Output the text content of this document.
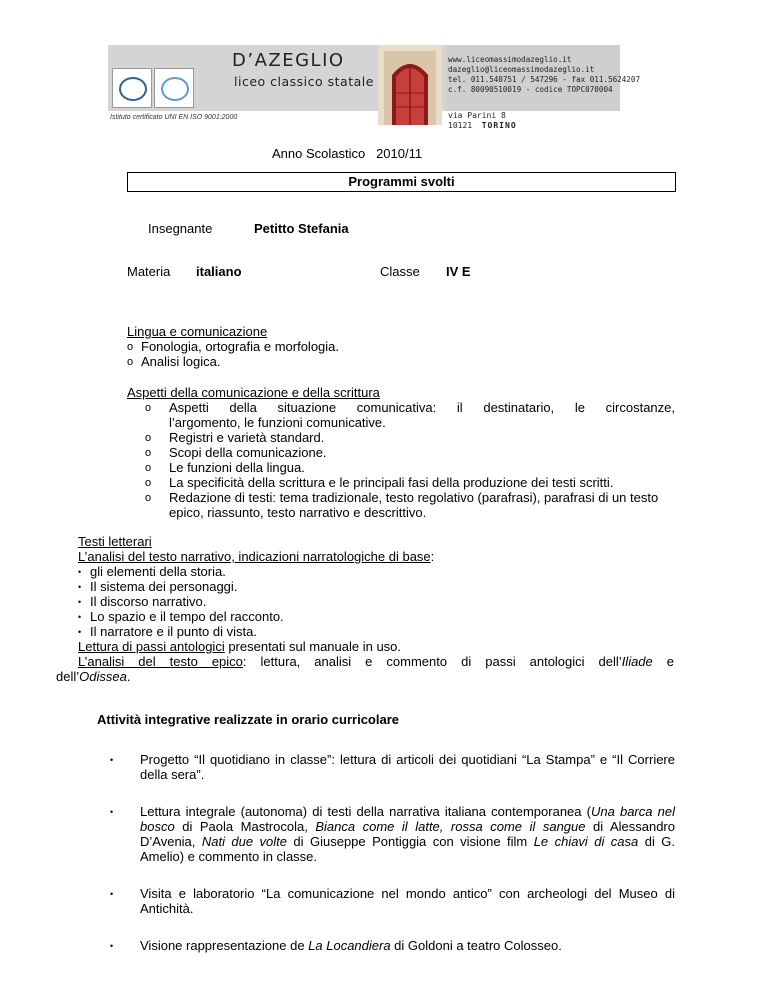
D’AZEGLIO
liceo classico statale
Istituto certificato UNI EN ISO 9001:2000
www.liceomassimodazeglio.it
dazeglio@liceomassimodazeglio.it
tel. 011.540751 / 547296 - fax 011.5624207
c.f. 80090510019 - codice TOPC070004
via Parini 8
10121 TORINO
Anno Scolastico 2010/11
Programmi svolti
Insegnante	Petitto Stefania
Materia italiano	Classe IV E
Lingua e comunicazione
o Fonologia, ortografia e morfologia.
o Analisi logica.
Aspetti della comunicazione e della scrittura
o Aspetti della situazione comunicativa: il destinatario, le circostanze,
l’argomento, le funzioni comunicative.
o Registri e varietà standard.
o Scopi della comunicazione.
o Le funzioni della lingua.
o La specificità della scrittura e le principali fasi della produzione dei testi scritti.
o Redazione di testi: tema tradizionale, testo regolativo (parafrasi), parafrasi di un testo epico, riassunto, testo narrativo e descrittivo.
Testi letterari
L’analisi del testo narrativo, indicazioni narratologiche di base:
• gli elementi della storia.
• Il sistema dei personaggi.
• Il discorso narrativo.
• Lo spazio e il tempo del racconto.
• Il narratore e il punto di vista.
Lettura di passi antologici presentati sul manuale in uso.
L’analisi del testo epico: lettura, analisi e commento di passi antologici dell’Iliade e
dell’Odissea.
Attività integrative realizzate in orario curricolare
• Progetto “Il quotidiano in classe”: lettura di articoli dei quotidiani “La Stampa” e “Il Corriere della sera”.
• Lettura integrale (autonoma) di testi della narrativa italiana contemporanea (Una barca nel bosco di Paola Mastrocola, Bianca come il latte, rossa come il sangue di Alessandro D’Avenia, Nati due volte di Giuseppe Pontiggia con visione film Le chiavi di casa di G. Amelio) e commento in classe.
• Visita e laboratorio “La comunicazione nel mondo antico” con archeologi del Museo di Antichità.
• Visione rappresentazione de La Locandiera di Goldoni a teatro Colosseo.
